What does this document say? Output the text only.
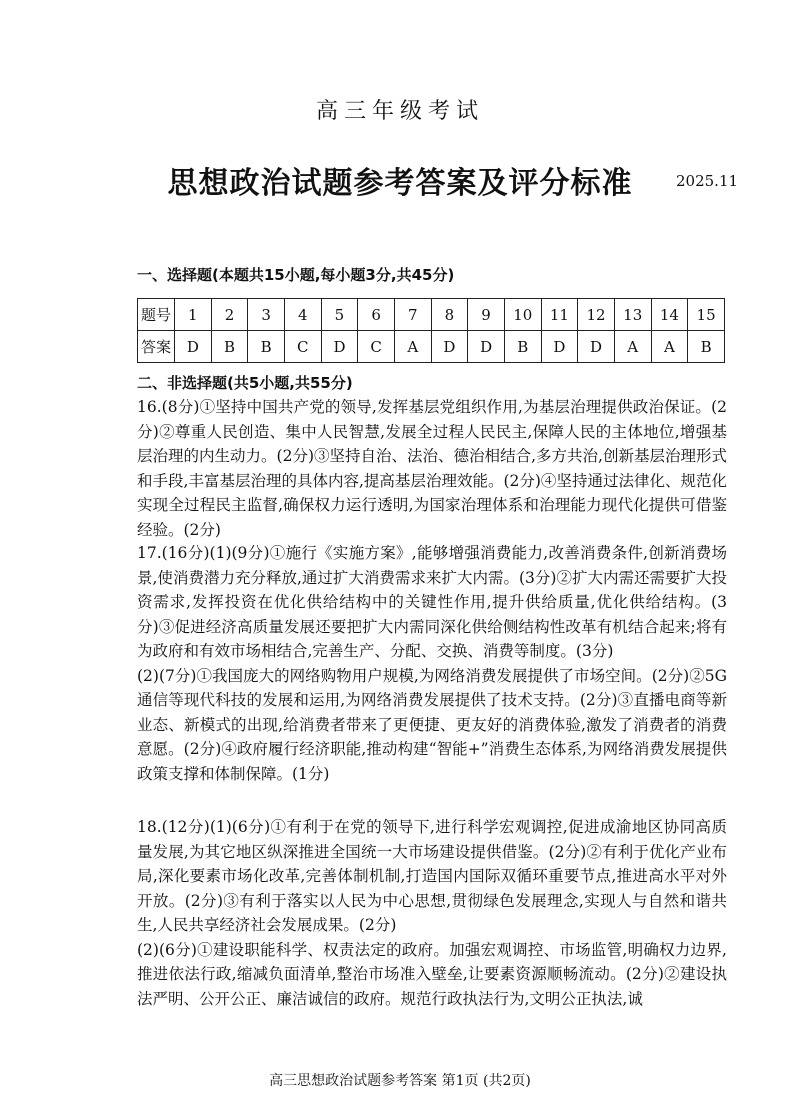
高三年级考试
思想政治试题参考答案及评分标准	2025.11
一、选择题(本题共15小题,每小题3分,共45分)
题号	1	2	3	4	5	6	7	8	9	10	11	12	13	14	15
答案	D	B	B	C	D	C	A	D	D	B	D	D	A	A	B
二、非选择题(共5小题,共55分)
16.(8分)①坚持中国共产党的领导,发挥基层党组织作用,为基层治理提供政治保证。(2分)②尊重人民创造、集中人民智慧,发展全过程人民民主,保障人民的主体地位,增强基层治理的内生动力。(2分)③坚持自治、法治、德治相结合,多方共治,创新基层治理形式和手段,丰富基层治理的具体内容,提高基层治理效能。(2分)④坚持通过法律化、规范化实现全过程民主监督,确保权力运行透明,为国家治理体系和治理能力现代化提供可借鉴经验。(2分)
17.(16分)(1)(9分)①施行《实施方案》,能够增强消费能力,改善消费条件,创新消费场景,使消费潜力充分释放,通过扩大消费需求来扩大内需。(3分)②扩大内需还需要扩大投资需求,发挥投资在优化供给结构中的关键性作用,提升供给质量,优化供给结构。(3分)③促进经济高质量发展还要把扩大内需同深化供给侧结构性改革有机结合起来;将有为政府和有效市场相结合,完善生产、分配、交换、消费等制度。(3分)
(2)(7分)①我国庞大的网络购物用户规模,为网络消费发展提供了市场空间。(2分)②5G通信等现代科技的发展和运用,为网络消费发展提供了技术支持。(2分)③直播电商等新业态、新模式的出现,给消费者带来了更便捷、更友好的消费体验,激发了消费者的消费意愿。(2分)④政府履行经济职能,推动构建“智能+”消费生态体系,为网络消费发展提供政策支撑和体制保障。(1分)
18.(12分)(1)(6分)①有利于在党的领导下,进行科学宏观调控,促进成渝地区协同高质量发展,为其它地区纵深推进全国统一大市场建设提供借鉴。(2分)②有利于优化产业布局,深化要素市场化改革,完善体制机制,打造国内国际双循环重要节点,推进高水平对外开放。(2分)③有利于落实以人民为中心思想,贯彻绿色发展理念,实现人与自然和谐共生,人民共享经济社会发展成果。(2分)
(2)(6分)①建设职能科学、权责法定的政府。加强宏观调控、市场监管,明确权力边界,推进依法行政,缩减负面清单,整治市场准入壁垒,让要素资源顺畅流动。(2分)②建设执法严明、公开公正、廉洁诚信的政府。规范行政执法行为,文明公正执法,诚
高三思想政治试题参考答案 第1页 (共2页)
